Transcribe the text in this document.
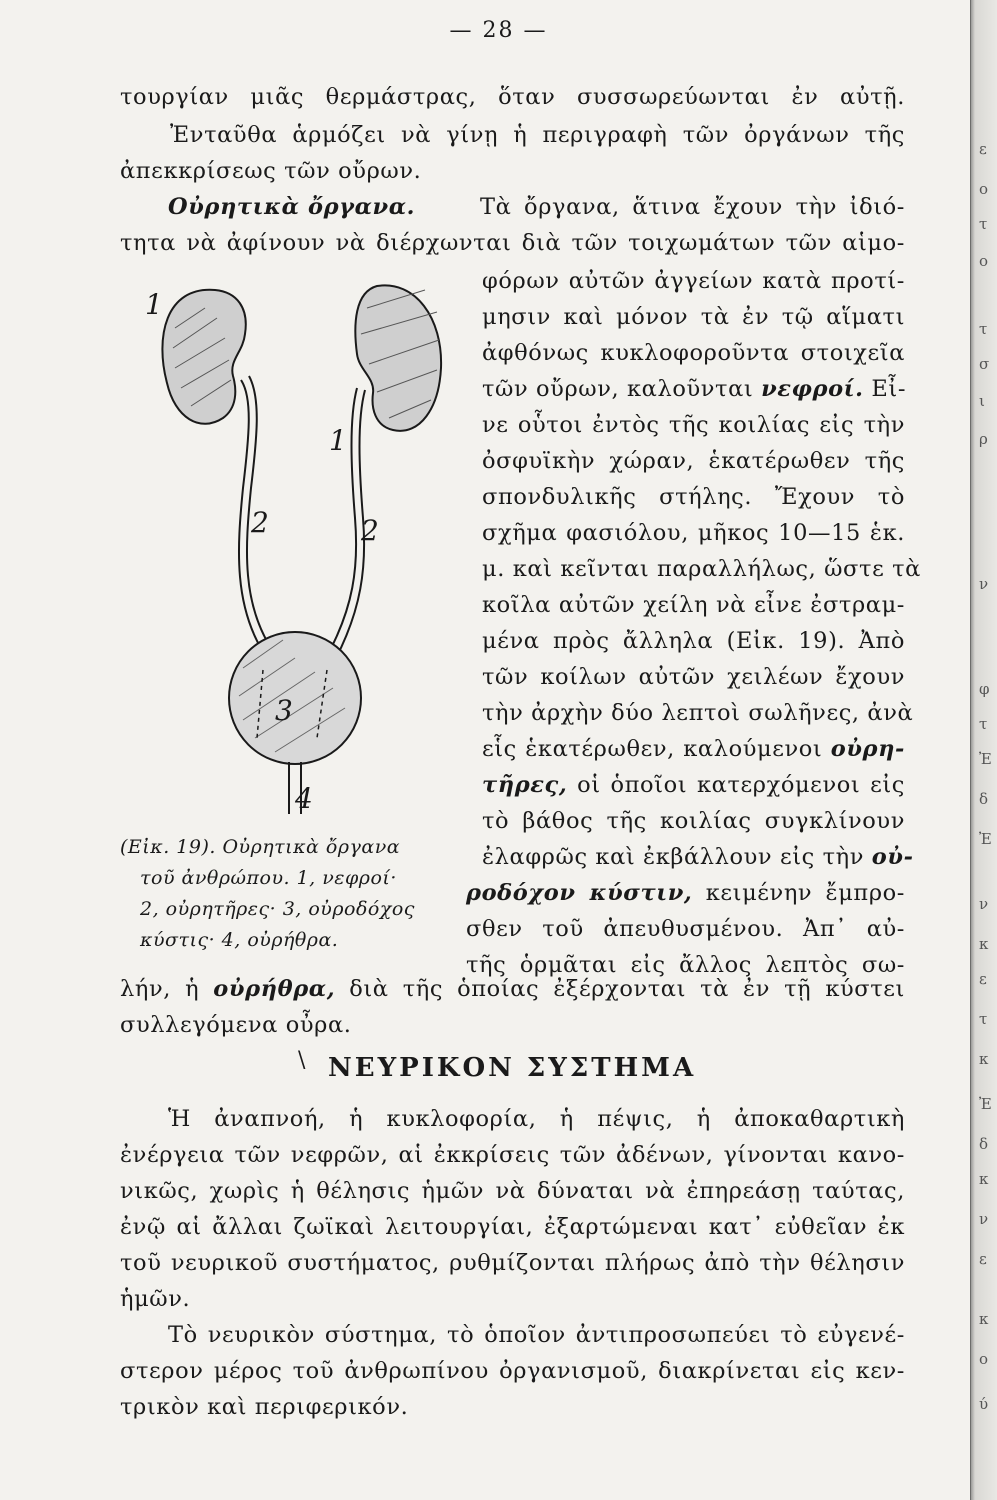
ε
ο
τ
ο
τ
σ
ι
ρ
ν
φ
τ
Ἐ
δ
Ἐ
ν
κ
ε
τ
κ
Ἐ
δ
κ
ν
ε
κ
ο
ύ
— 28 —
τουργίαν μιᾶς θερμάστρας, ὅταν συσσωρεύωνται ἐν αὐτῇ.
Ἐνταῦθα ἁρμόζει νὰ γίνῃ ἡ περιγραφὴ τῶν ὀργάνων τῆς
ἀπεκκρίσεως τῶν οὔρων.
Οὐρητικὰ ὄργανα.	Τὰ ὄργανα, ἅτινα ἔχουν τὴν ἰδιό-
τητα νὰ ἀφίνουν νὰ διέρχωνται διὰ τῶν τοιχωμάτων τῶν αἱμο-
φόρων αὐτῶν ἀγγείων κατὰ προτί-
μησιν καὶ μόνον τὰ ἐν τῷ αἵματι
ἀφθόνως κυκλοφοροῦντα στοιχεῖα
τῶν οὔρων, καλοῦνται νεφροί. Εἶ-
νε οὗτοι ἐντὸς τῆς κοιλίας εἰς τὴν
ὀσφυϊκὴν χώραν, ἑκατέρωθεν τῆς
σπονδυλικῆς στήλης. Ἔχουν τὸ
σχῆμα φασιόλου, μῆκος 10—15 ἑκ.
μ. καὶ κεῖνται παραλλήλως, ὥστε τὰ
κοῖλα αὐτῶν χείλη νὰ εἶνε ἐστραμ-
μένα πρὸς ἄλληλα (Εἰκ. 19). Ἀπὸ
τῶν κοίλων αὐτῶν χειλέων ἔχουν
τὴν ἀρχὴν δύο λεπτοὶ σωλῆνες, ἀνὰ
εἷς ἑκατέρωθεν, καλούμενοι οὐρη-
τῆρες, οἱ ὁποῖοι κατερχόμενοι εἰς
τὸ βάθος τῆς κοιλίας συγκλίνουν
ἐλαφρῶς καὶ ἐκβάλλουν εἰς τὴν οὐ-
ροδόχον κύστιν, κειμένην ἔμπρο-
σθεν τοῦ ἀπευθυσμένου. Ἀπ᾽ αὐ-
τῆς ὁρμᾶται εἰς ἄλλος λεπτὸς σω-
1
1
2	2
3
4
(Εἰκ. 19). Οὐρητικὰ ὄργανα
τοῦ ἀνθρώπου. 1, νεφροί·
2, οὐρητῆρες· 3, οὐροδόχος
κύστις· 4, οὐρήθρα.
λήν, ἡ οὐρήθρα, διὰ τῆς ὁποίας ἐξέρχονται τὰ ἐν τῇ κύστει
συλλεγόμενα οὖρα.
\ ΝΕΥΡΙΚΟΝ ΣΥΣΤΗΜΑ
Ἡ ἀναπνοή, ἡ κυκλοφορία, ἡ πέψις, ἡ ἀποκαθαρτικὴ
ἐνέργεια τῶν νεφρῶν, αἱ ἐκκρίσεις τῶν ἀδένων, γίνονται κανο-
νικῶς, χωρὶς ἡ θέλησις ἡμῶν νὰ δύναται νὰ ἐπηρεάσῃ ταύτας,
ἐνῷ αἱ ἄλλαι ζωϊκαὶ λειτουργίαι, ἐξαρτώμεναι κατ᾽ εὐθεῖαν ἐκ
τοῦ νευρικοῦ συστήματος, ρυθμίζονται πλήρως ἀπὸ τὴν θέλησιν
ἡμῶν.
Τὸ νευρικὸν σύστημα, τὸ ὁποῖον ἀντιπροσωπεύει τὸ εὐγενέ-
στερον μέρος τοῦ ἀνθρωπίνου ὀργανισμοῦ, διακρίνεται εἰς κεν-
τρικὸν καὶ περιφερικόν.
